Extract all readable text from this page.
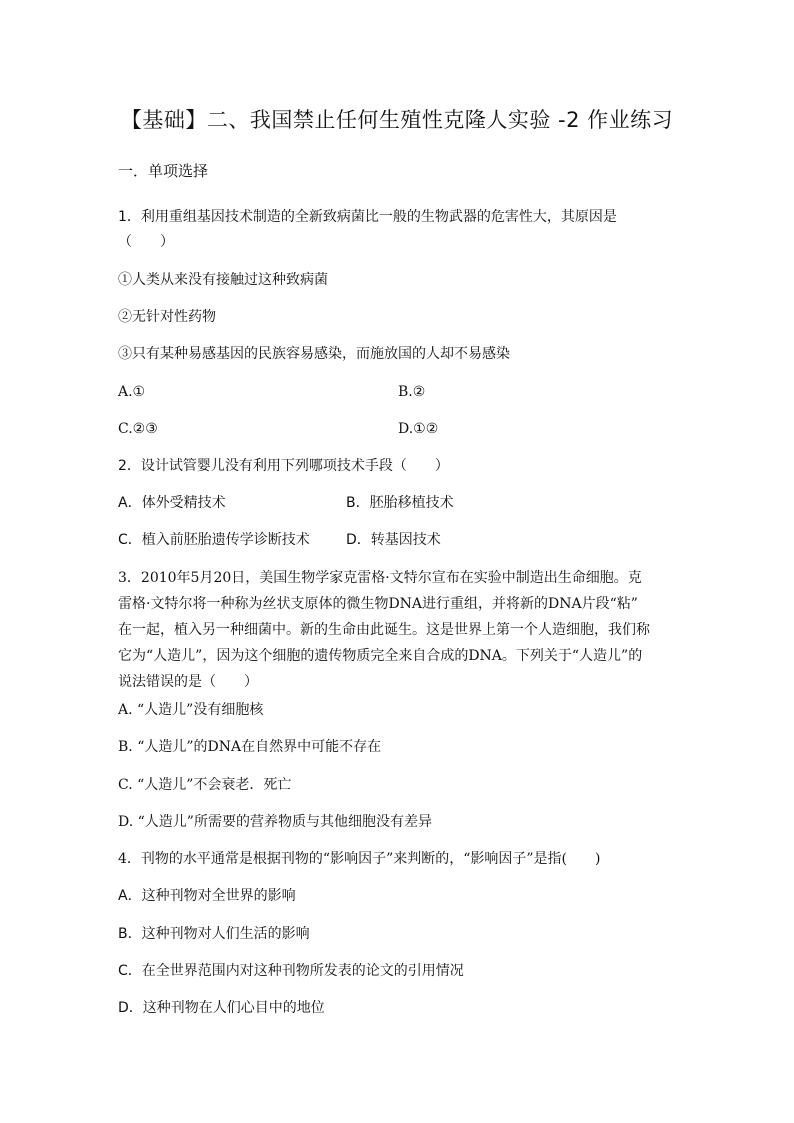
【基础】二、我国禁止任何生殖性克隆人实验 -2 作业练习
一．单项选择
1．利用重组基因技术制造的全新致病菌比一般的生物武器的危害性大，其原因是
（　　）
①人类从来没有接触过这种致病菌
②无针对性药物
③只有某种易感基因的民族容易感染，而施放国的人却不易感染
A.①	B.②
C.②③	D.①②
2．设计试管婴儿没有利用下列哪项技术手段（　　）
A．体外受精技术	B．胚胎移植技术
C．植入前胚胎遗传学诊断技术	D．转基因技术
3．2010年5月20日，美国生物学家克雷格·文特尔宣布在实验中制造出生命细胞。克
雷格·文特尔将一种称为丝状支原体的微生物DNA进行重组，并将新的DNA片段“粘”
在一起，植入另一种细菌中。新的生命由此诞生。这是世界上第一个人造细胞，我们称
它为“人造儿”，因为这个细胞的遗传物质完全来自合成的DNA。下列关于“人造儿”的
说法错误的是（　　）
A. “人造儿”没有细胞核
B. “人造儿”的DNA在自然界中可能不存在
C. “人造儿”不会衰老．死亡
D. “人造儿”所需要的营养物质与其他细胞没有差异
4．刊物的水平通常是根据刊物的“影响因子”来判断的，“影响因子”是指(　　)
A．这种刊物对全世界的影响
B．这种刊物对人们生活的影响
C．在全世界范围内对这种刊物所发表的论文的引用情况
D．这种刊物在人们心目中的地位
